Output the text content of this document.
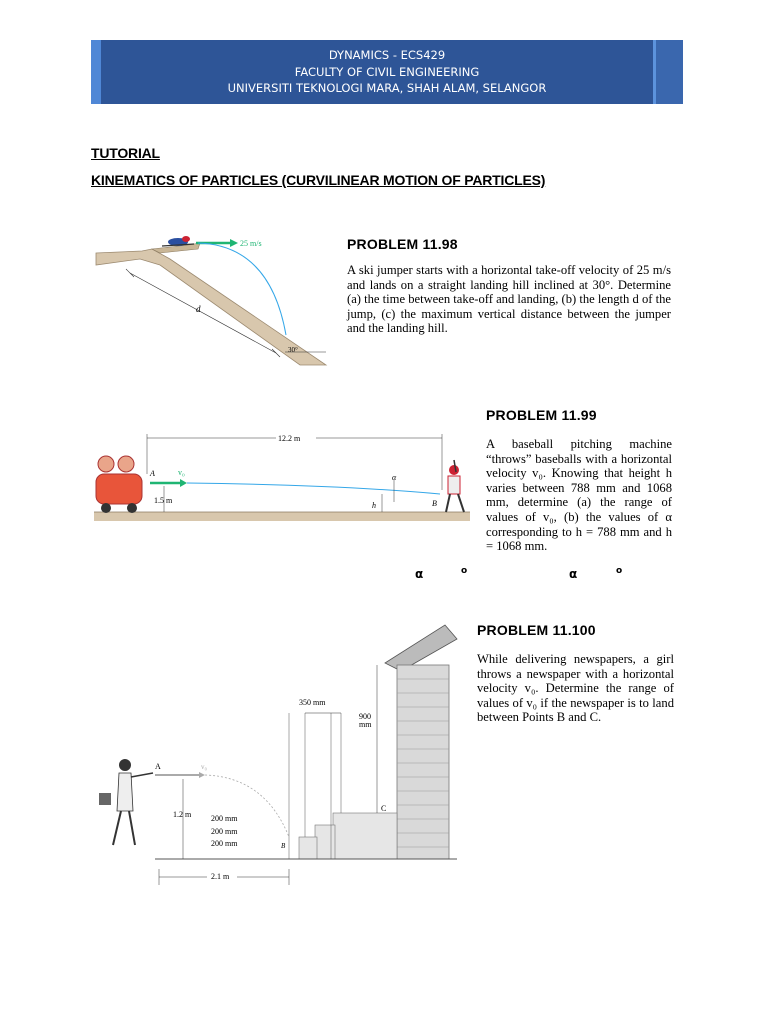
DYNAMICS - ECS429
FACULTY OF CIVIL ENGINEERING
UNIVERSITI TEKNOLOGI MARA, SHAH ALAM, SELANGOR
TUTORIAL
KINEMATICS OF PARTICLES (CURVILINEAR MOTION OF PARTICLES)
25 m/s
d
30°
PROBLEM 11.98
A ski jumper starts with a horizontal take-off velocity of 25 m/s and lands on a straight landing hill inclined at 30°. Determine (a) the time between take-off and landing, (b) the length d of the jump, (c) the maximum vertical distance between the jumper and the landing hill.
12.2 m
A	v₀
1.5 m
h
α
B
PROBLEM 11.99
A baseball pitching machine “throws” baseballs with a horizontal velocity v₀. Knowing that height h varies between 788 mm and 1068 mm, determine (a) the range of values of v₀, (b) the values of α corresponding to h = 788 mm and h = 1068 mm.
α	o	α	o
350 mm
900
mm
C
A	v₀
1.2 m 200 mm
200 mm
200 mm	B
2.1 m
PROBLEM 11.100
While delivering newspapers, a girl throws a newspaper with a horizontal velocity v₀. Determine the range of values of v₀ if the newspaper is to land between Points B and C.
